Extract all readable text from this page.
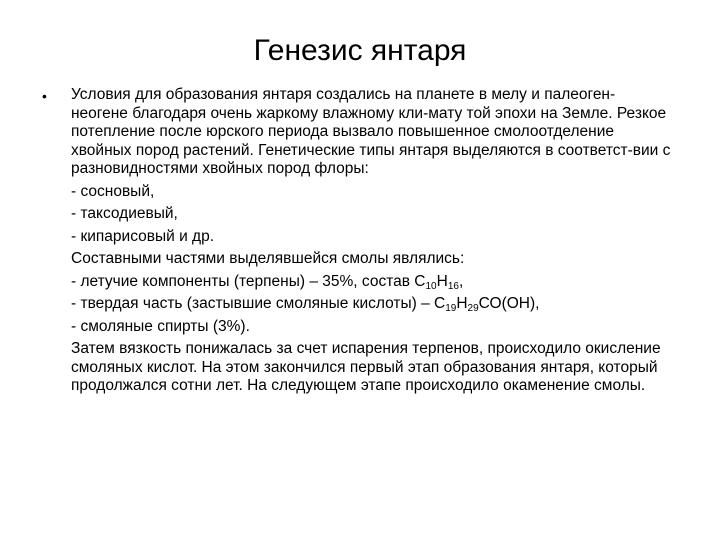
Генезис янтаря
• Условия для образования янтаря создались на планете в мелу и палеоген-неогене благодаря очень жаркому влажному кли-мату той эпохи на Земле. Резкое потепление после юрского периода вызвало повышенное смолоотделение хвойных пород растений. Генетические типы янтаря выделяются в соответст-вии с разновидностями хвойных пород флоры:

- сосновый,

- таксодиевый,

- кипарисовый и др.

Составными частями выделявшейся смолы являлись:

- летучие компоненты (терпены) – 35%, состав $С_{10}Н_{16}$,

- твердая часть (застывшие смоляные кислоты) – $С_{19}Н_{29}СО(ОН)$,

- смоляные спирты (3%).

Затем вязкость понижалась за счет испарения терпенов, происходило окисление смоляных кислот. На этом закончился первый этап образования янтаря, который продолжался сотни лет. На следующем этапе происходило окаменение смолы.
